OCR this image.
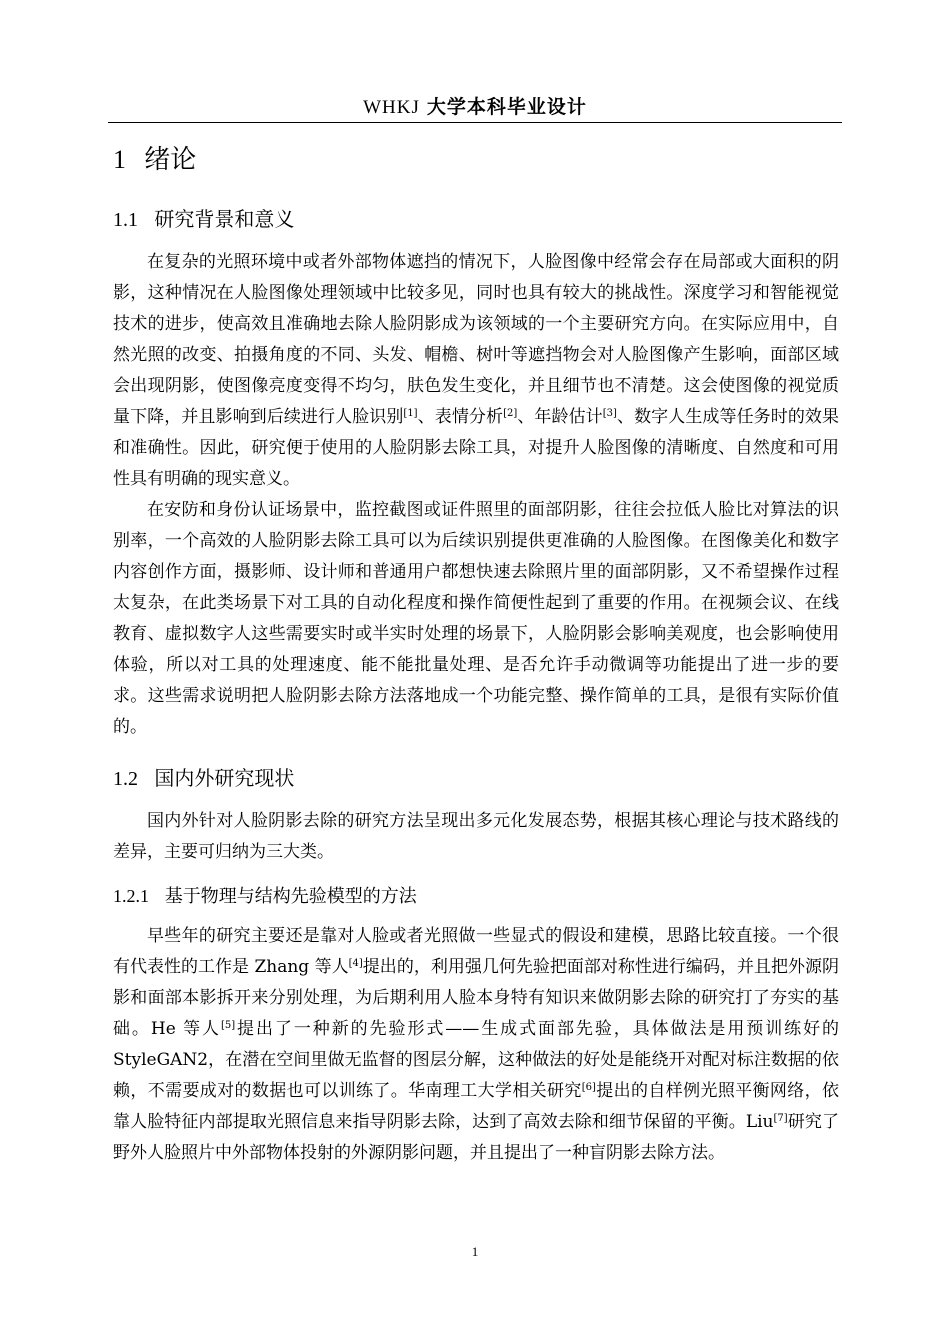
WHKJ 大学本科毕业设计
1 绪论
1.1 研究背景和意义

在复杂的光照环境中或者外部物体遮挡的情况下，人脸图像中经常会存在局部或大面积的阴影，这种情况在人脸图像处理领域中比较多见，同时也具有较大的挑战性。深度学习和智能视觉技术的进步，使高效且准确地去除人脸阴影成为该领域的一个主要研究方向。在实际应用中，自然光照的改变、拍摄角度的不同、头发、帽檐、树叶等遮挡物会对人脸图像产生影响，面部区域会出现阴影，使图像亮度变得不均匀，肤色发生变化，并且细节也不清楚。这会使图像的视觉质量下降，并且影响到后续进行人脸识别[1]、表情分析[2]、年龄估计[3]、数字人生成等任务时的效果和准确性。因此，研究便于使用的人脸阴影去除工具，对提升人脸图像的清晰度、自然度和可用性具有明确的现实意义。

在安防和身份认证场景中，监控截图或证件照里的面部阴影，往往会拉低人脸比对算法的识别率，一个高效的人脸阴影去除工具可以为后续识别提供更准确的人脸图像。在图像美化和数字内容创作方面，摄影师、设计师和普通用户都想快速去除照片里的面部阴影，又不希望操作过程太复杂，在此类场景下对工具的自动化程度和操作简便性起到了重要的作用。在视频会议、在线教育、虚拟数字人这些需要实时或半实时处理的场景下，人脸阴影会影响美观度，也会影响使用体验，所以对工具的处理速度、能不能批量处理、是否允许手动微调等功能提出了进一步的要求。这些需求说明把人脸阴影去除方法落地成一个功能完整、操作简单的工具，是很有实际价值的。

1.2 国内外研究现状

国内外针对人脸阴影去除的研究方法呈现出多元化发展态势，根据其核心理论与技术路线的差异，主要可归纳为三大类。

1.2.1 基于物理与结构先验模型的方法

早些年的研究主要还是靠对人脸或者光照做一些显式的假设和建模，思路比较直接。一个很有代表性的工作是 Zhang 等人[4]提出的，利用强几何先验把面部对称性进行编码，并且把外源阴影和面部本影拆开来分别处理，为后期利用人脸本身特有知识来做阴影去除的研究打了夯实的基础。He 等人[5]提出了一种新的先验形式——生成式面部先验，具体做法是用预训练好的 StyleGAN2，在潜在空间里做无监督的图层分解，这种做法的好处是能绕开对配对标注数据的依赖，不需要成对的数据也可以训练了。华南理工大学相关研究[6]提出的自样例光照平衡网络，依靠人脸特征内部提取光照信息来指导阴影去除，达到了高效去除和细节保留的平衡。Liu[7]研究了野外人脸照片中外部物体投射的外源阴影问题，并且提出了一种盲阴影去除方法。

1
